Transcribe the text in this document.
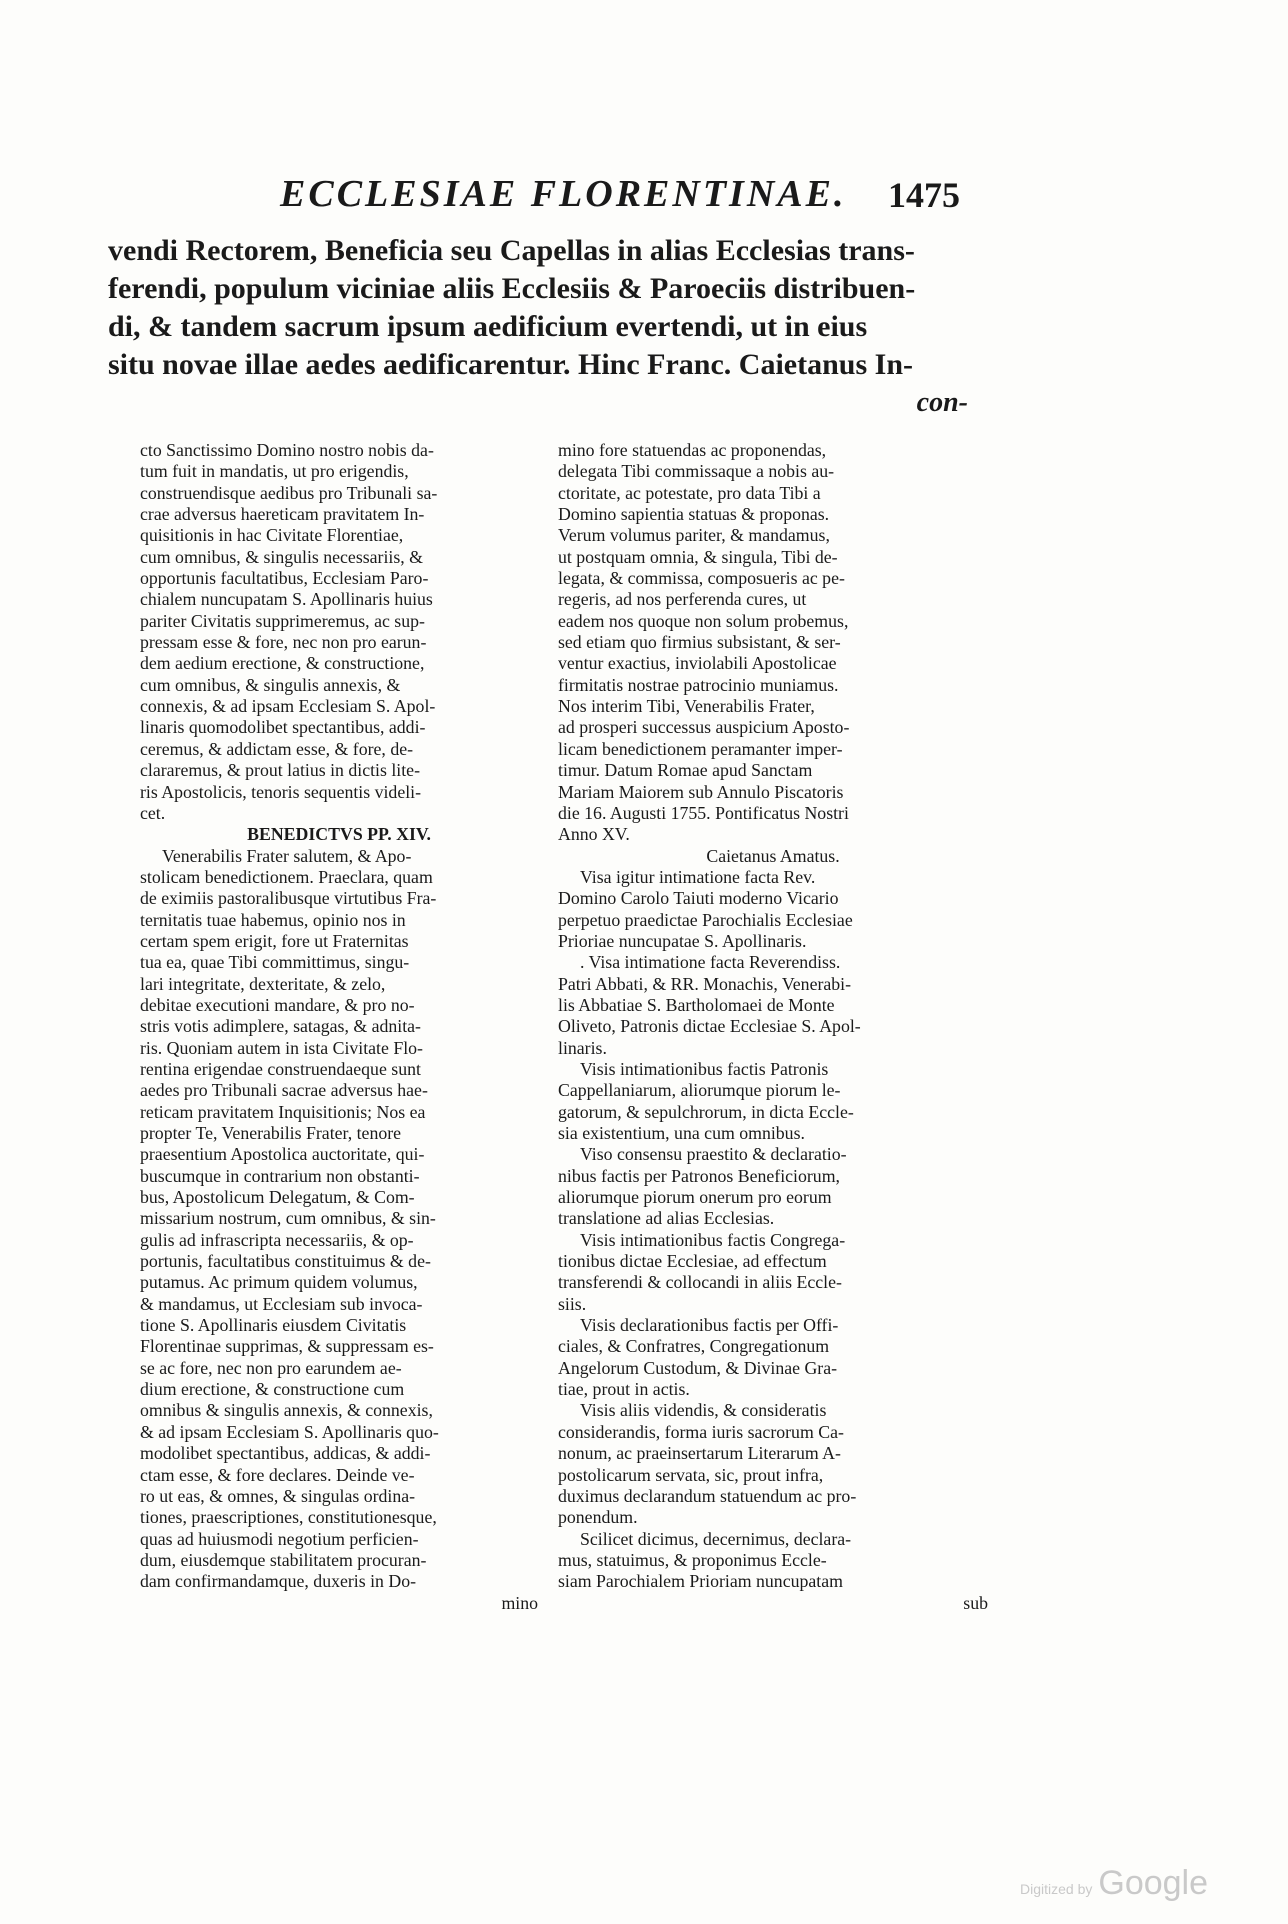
ECCLESIAE FLORENTINAE. 1475
vendi Rectorem, Beneficia seu Capellas in alias Ecclesias trans-
ferendi, populum viciniae aliis Ecclesiis & Paroeciis distribuen-
di, & tandem sacrum ipsum aedificium evertendi, ut in eius
situ novae illae aedes aedificarentur. Hinc Franc. Caietanus In-
con-
cto Sanctissimo Domino nostro nobis da-
tum fuit in mandatis, ut pro erigendis,
construendisque aedibus pro Tribunali sa-
crae adversus haereticam pravitatem In-
quisitionis in hac Civitate Florentiae,
cum omnibus, & singulis necessariis, &
opportunis facultatibus, Ecclesiam Paro-
chialem nuncupatam S. Apollinaris huius
pariter Civitatis supprimeremus, ac sup-
pressam esse & fore, nec non pro earun-
dem aedium erectione, & constructione,
cum omnibus, & singulis annexis, &
connexis, & ad ipsam Ecclesiam S. Apol-
linaris quomodolibet spectantibus, addi-
ceremus, & addictam esse, & fore, de-
clararemus, & prout latius in dictis lite-
ris Apostolicis, tenoris sequentis videli-
cet.
BENEDICTVS PP. XIV.
Venerabilis Frater salutem, & Apo-
stolicam benedictionem. Praeclara, quam
de eximiis pastoralibusque virtutibus Fra-
ternitatis tuae habemus, opinio nos in
certam spem erigit, fore ut Fraternitas
tua ea, quae Tibi committimus, singu-
lari integritate, dexteritate, & zelo,
debitae executioni mandare, & pro no-
stris votis adimplere, satagas, & adnita-
ris. Quoniam autem in ista Civitate Flo-
rentina erigendae construendaeque sunt
aedes pro Tribunali sacrae adversus hae-
reticam pravitatem Inquisitionis; Nos ea
propter Te, Venerabilis Frater, tenore
praesentium Apostolica auctoritate, qui-
buscumque in contrarium non obstanti-
bus, Apostolicum Delegatum, & Com-
missarium nostrum, cum omnibus, & sin-
gulis ad infrascripta necessariis, & op-
portunis, facultatibus constituimus & de-
putamus. Ac primum quidem volumus,
& mandamus, ut Ecclesiam sub invoca-
tione S. Apollinaris eiusdem Civitatis
Florentinae supprimas, & suppressam es-
se ac fore, nec non pro earundem ae-
dium erectione, & constructione cum
omnibus & singulis annexis, & connexis,
& ad ipsam Ecclesiam S. Apollinaris quo-
modolibet spectantibus, addicas, & addi-
ctam esse, & fore declares. Deinde ve-
ro ut eas, & omnes, & singulas ordina-
tiones, praescriptiones, constitutionesque,
quas ad huiusmodi negotium perficien-
dum, eiusdemque stabilitatem procuran-
dam confirmandamque, duxeris in Do-
mino
mino fore statuendas ac proponendas,
delegata Tibi commissaque a nobis au-
ctoritate, ac potestate, pro data Tibi a
Domino sapientia statuas & proponas.
Verum volumus pariter, & mandamus,
ut postquam omnia, & singula, Tibi de-
legata, & commissa, composueris ac pe-
regeris, ad nos perferenda cures, ut
eadem nos quoque non solum probemus,
sed etiam quo firmius subsistant, & ser-
ventur exactius, inviolabili Apostolicae
firmitatis nostrae patrocinio muniamus.
Nos interim Tibi, Venerabilis Frater,
ad prosperi successus auspicium Aposto-
licam benedictionem peramanter imper-
timur. Datum Romae apud Sanctam
Mariam Maiorem sub Annulo Piscatoris
die 16. Augusti 1755. Pontificatus Nostri
Anno XV.
Caietanus Amatus.
Visa igitur intimatione facta Rev.
Domino Carolo Taiuti moderno Vicario
perpetuo praedictae Parochialis Ecclesiae
Prioriae nuncupatae S. Apollinaris.
. Visa intimatione facta Reverendiss.
Patri Abbati, & RR. Monachis, Venerabi-
lis Abbatiae S. Bartholomaei de Monte
Oliveto, Patronis dictae Ecclesiae S. Apol-
linaris.
Visis intimationibus factis Patronis
Cappellaniarum, aliorumque piorum le-
gatorum, & sepulchrorum, in dicta Eccle-
sia existentium, una cum omnibus.
Viso consensu praestito & declaratio-
nibus factis per Patronos Beneficiorum,
aliorumque piorum onerum pro eorum
translatione ad alias Ecclesias.
Visis intimationibus factis Congrega-
tionibus dictae Ecclesiae, ad effectum
transferendi & collocandi in aliis Eccle-
siis.
Visis declarationibus factis per Offi-
ciales, & Confratres, Congregationum
Angelorum Custodum, & Divinae Gra-
tiae, prout in actis.
Visis aliis videndis, & consideratis
considerandis, forma iuris sacrorum Ca-
nonum, ac praeinsertarum Literarum A-
postolicarum servata, sic, prout infra,
duximus declarandum statuendum ac pro-
ponendum.
Scilicet dicimus, decernimus, declara-
mus, statuimus, & proponimus Eccle-
siam Parochialem Prioriam nuncupatam
sub
Digitized by Google
